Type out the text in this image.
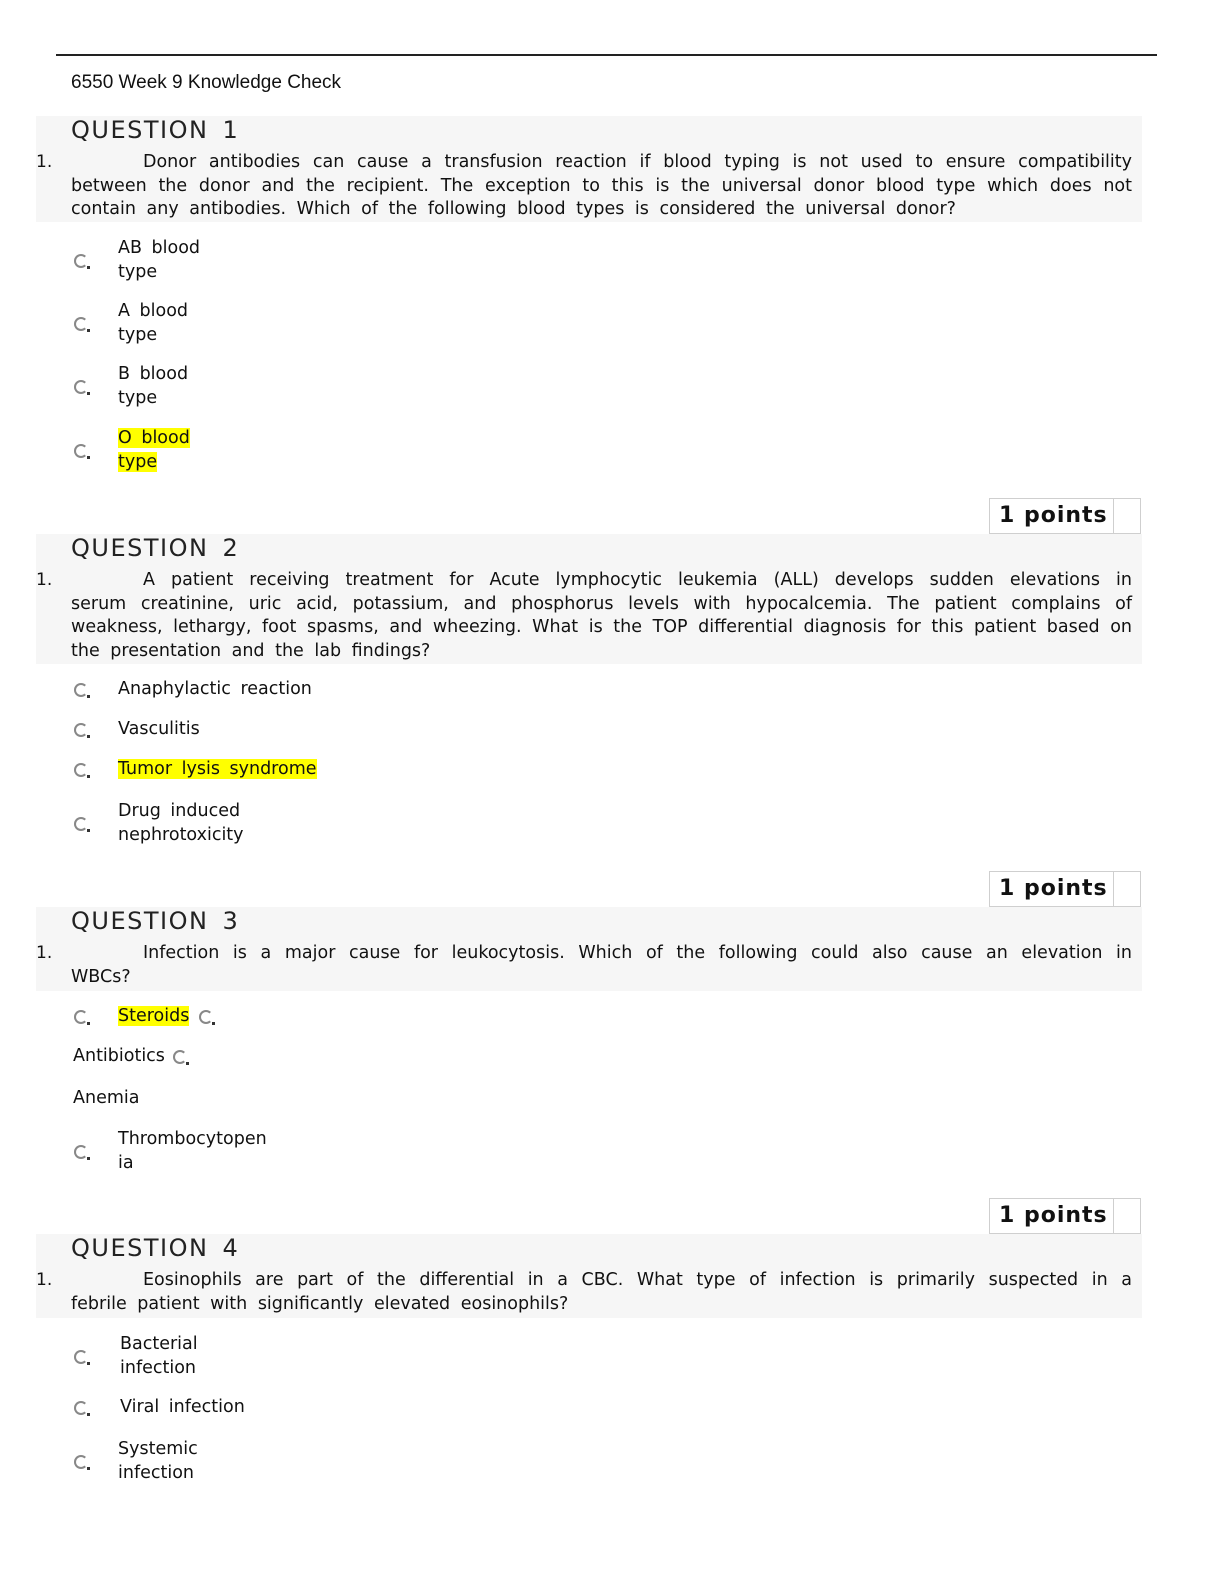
6550 Week 9 Knowledge Check
QUESTION 1
1.	Donor antibodies can cause a transfusion reaction if blood typing is not used to ensure compatibility between the donor and the recipient. The exception to this is the universal donor blood type which does not contain any antibodies. Which of the following blood types is considered the universal donor?
AB blood type
A blood type
B blood type
O blood type
1 points
QUESTION 2
1.	A patient receiving treatment for Acute lymphocytic leukemia (ALL) develops sudden elevations in serum creatinine, uric acid, potassium, and phosphorus levels with hypocalcemia. The patient complains of weakness, lethargy, foot spasms, and wheezing. What is the TOP differential diagnosis for this patient based on the presentation and the lab findings?
Anaphylactic reaction
Vasculitis
Tumor lysis syndrome
Drug induced nephrotoxicity
1 points
QUESTION 3
1.	Infection is a major cause for leukocytosis. Which of the following could also cause an elevation in WBCs?
Steroids
Antibiotics
Anemia
Thrombocytopenia
1 points
QUESTION 4
1.	Eosinophils are part of the differential in a CBC. What type of infection is primarily suspected in a febrile patient with significantly elevated eosinophils?
Bacterial infection
Viral infection
Systemic infection
